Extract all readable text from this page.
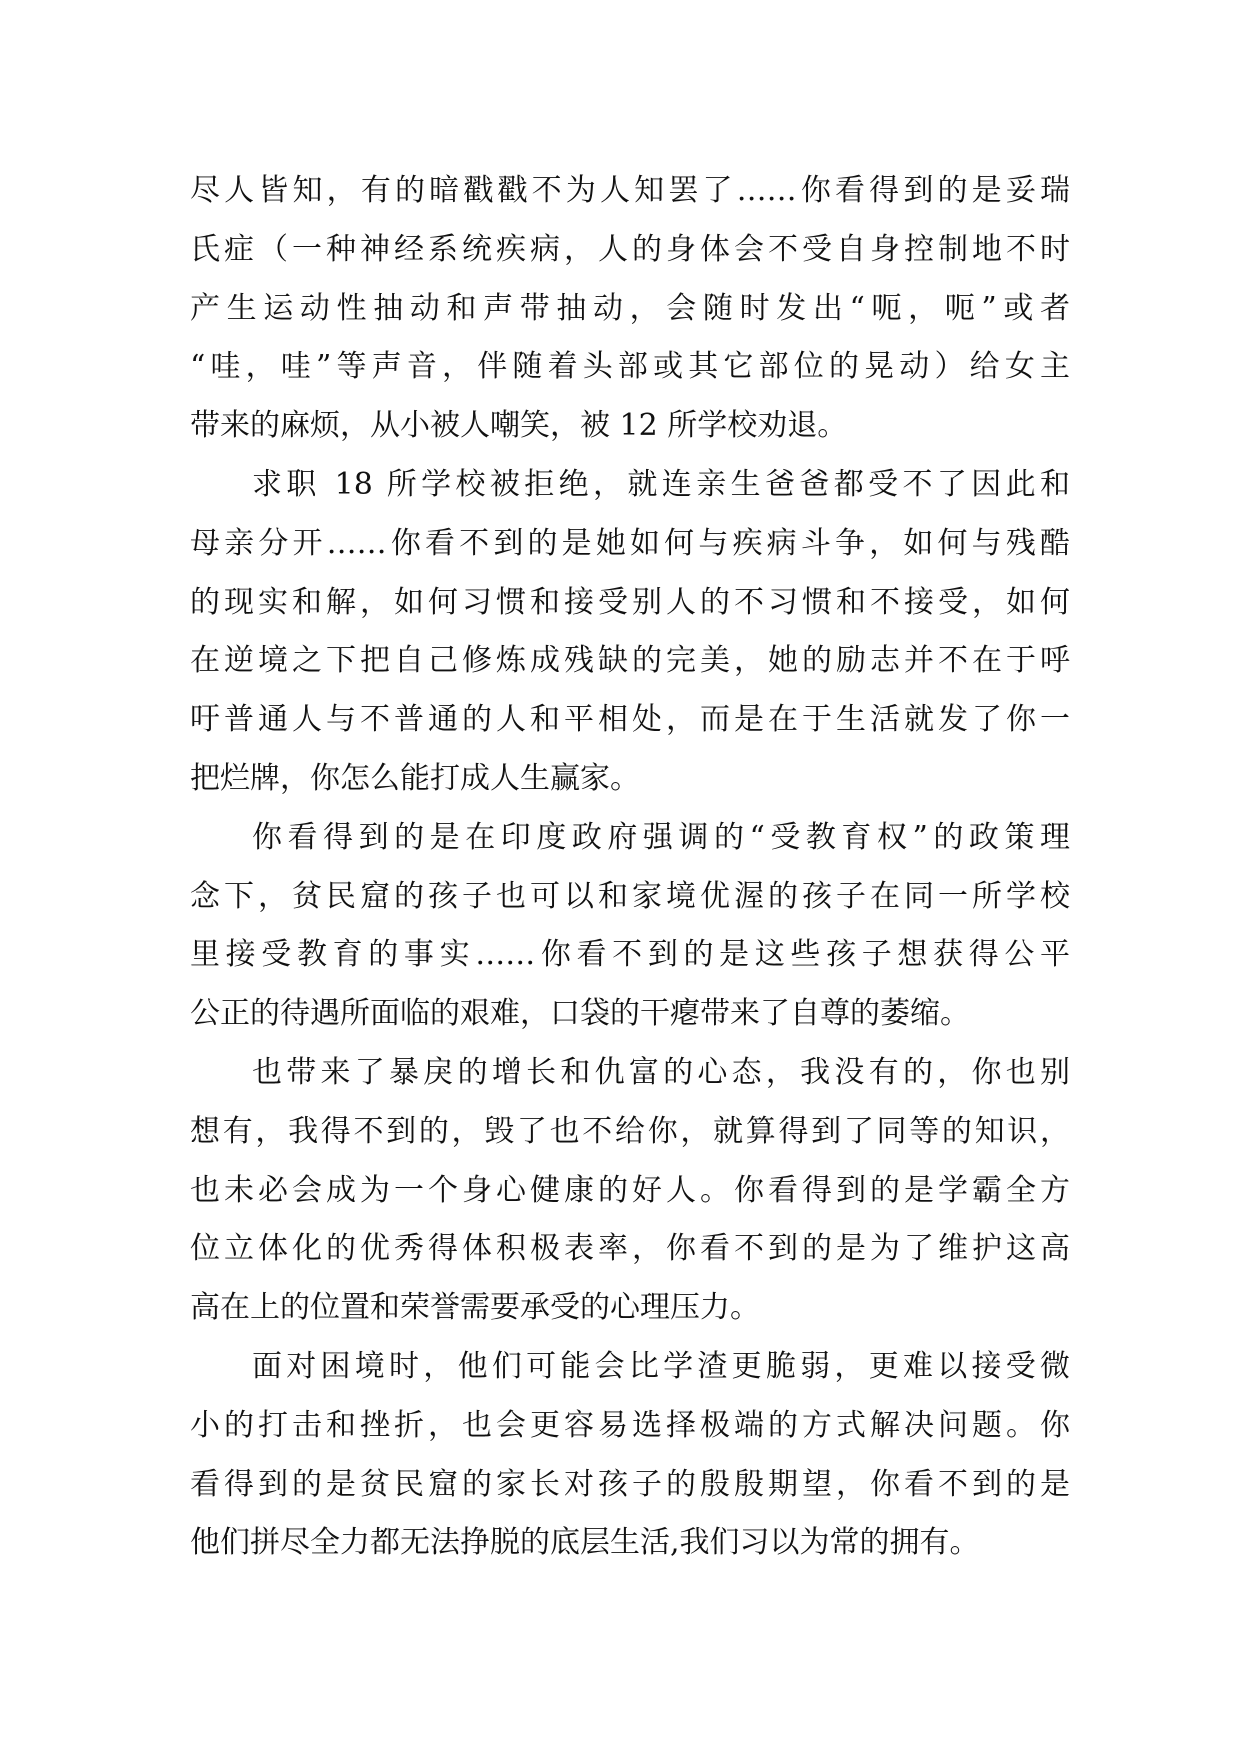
尽人皆知，有的暗戳戳不为人知罢了……你看得到的是妥瑞
氏症（一种神经系统疾病，人的身体会不受自身控制地不时
产生运动性抽动和声带抽动，会随时发出“呃，呃”或者
“哇，哇”等声音，伴随着头部或其它部位的晃动）给女主
带来的麻烦，从小被人嘲笑，被 12 所学校劝退。
求职 18 所学校被拒绝，就连亲生爸爸都受不了因此和
母亲分开……你看不到的是她如何与疾病斗争，如何与残酷
的现实和解，如何习惯和接受别人的不习惯和不接受，如何
在逆境之下把自己修炼成残缺的完美，她的励志并不在于呼
吁普通人与不普通的人和平相处，而是在于生活就发了你一
把烂牌，你怎么能打成人生赢家。
你看得到的是在印度政府强调的“受教育权”的政策理
念下，贫民窟的孩子也可以和家境优渥的孩子在同一所学校
里接受教育的事实……你看不到的是这些孩子想获得公平
公正的待遇所面临的艰难，口袋的干瘪带来了自尊的萎缩。
也带来了暴戾的增长和仇富的心态，我没有的，你也别
想有，我得不到的，毁了也不给你，就算得到了同等的知识，
也未必会成为一个身心健康的好人。你看得到的是学霸全方
位立体化的优秀得体积极表率，你看不到的是为了维护这高
高在上的位置和荣誉需要承受的心理压力。
面对困境时，他们可能会比学渣更脆弱，更难以接受微
小的打击和挫折，也会更容易选择极端的方式解决问题。你
看得到的是贫民窟的家长对孩子的殷殷期望，你看不到的是
他们拼尽全力都无法挣脱的底层生活,我们习以为常的拥有。
